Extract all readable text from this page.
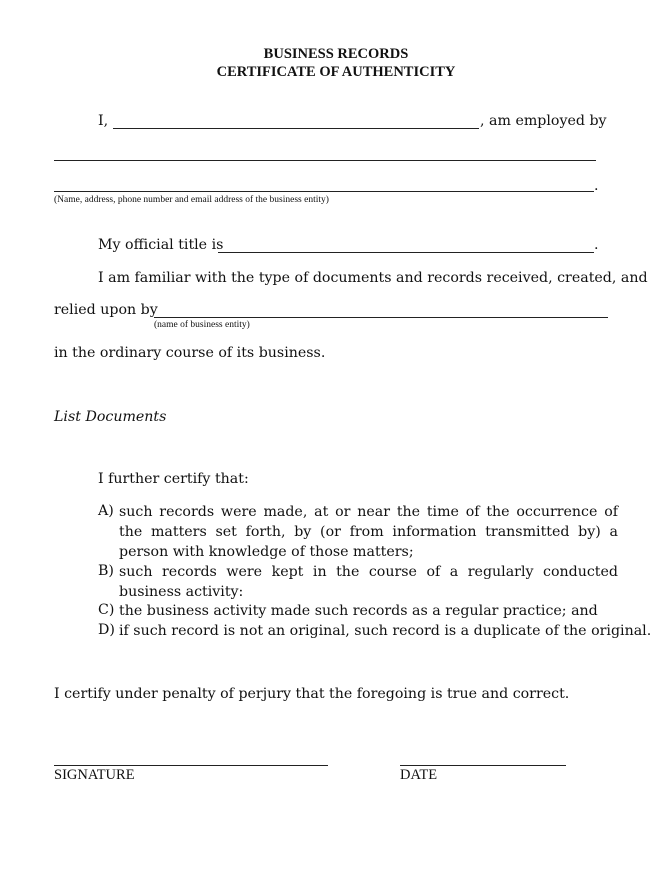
BUSINESS RECORDS
CERTIFICATE OF AUTHENTICITY
I,	, am employed by
.
(Name, address, phone number and email address of the business entity)
My official title is	.
I am familiar with the type of documents and records received, created, and
relied upon by
(name of business entity)
in the ordinary course of its business.
List Documents
I further certify that:
A) such records were made, at or near the time of the occurrence of the matters set forth, by (or from information transmitted by) a person with knowledge of those matters;
B) such records were kept in the course of a regularly conducted business activity:
C) the business activity made such records as a regular practice; and
D) if such record is not an original, such record is a duplicate of the original.
I certify under penalty of perjury that the foregoing is true and correct.
SIGNATURE	DATE
